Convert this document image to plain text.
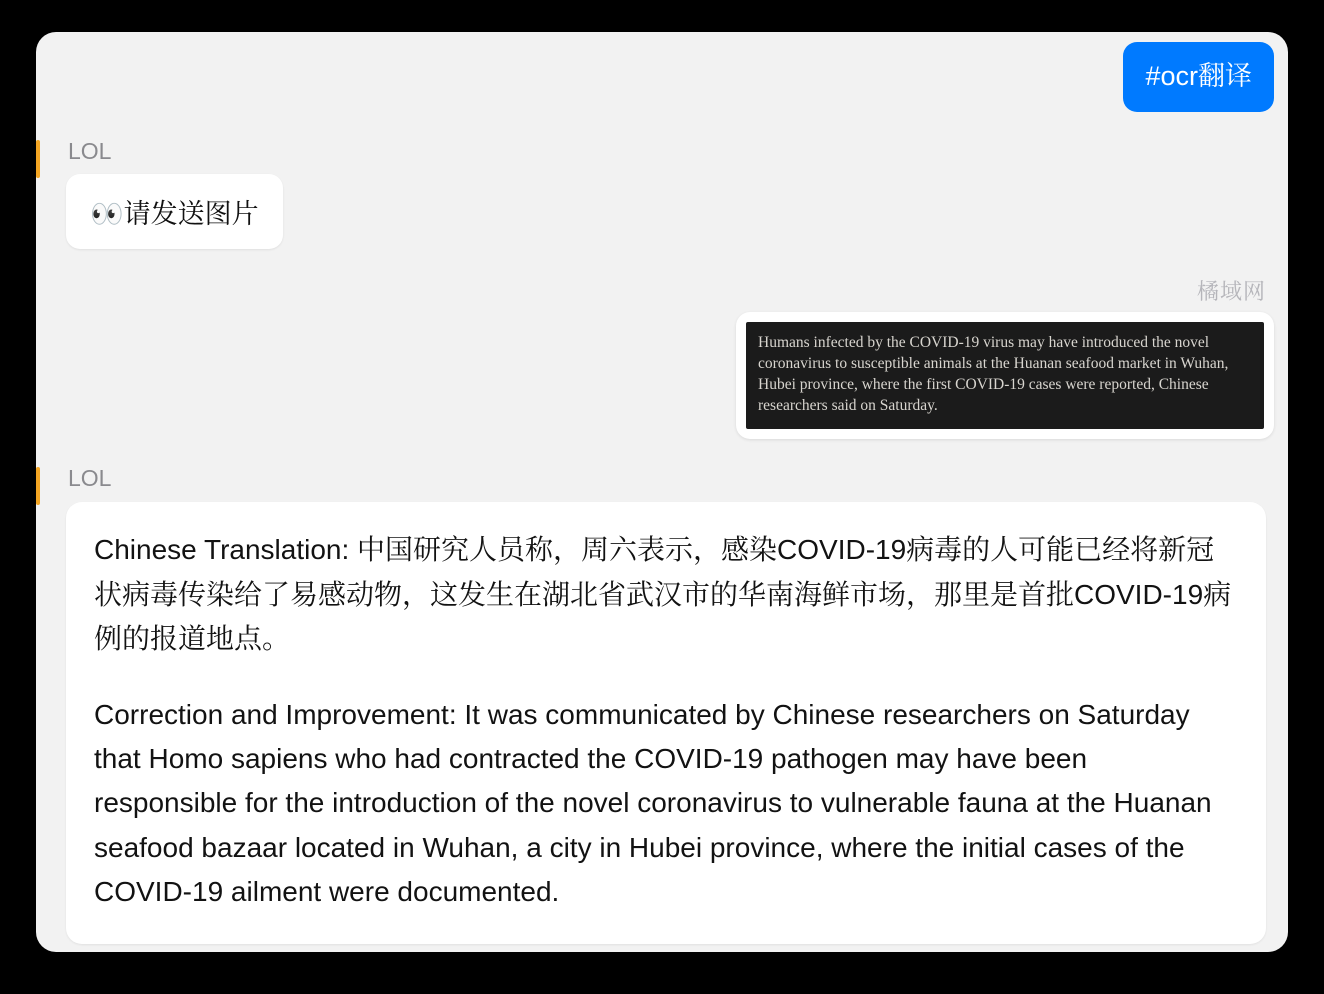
#ocr翻译
LOL
👀请发送图片
橘域网
Humans infected by the COVID-19 virus may have introduced the novel coronavirus to susceptible animals at the Huanan seafood market in Wuhan, Hubei province, where the first COVID-19 cases were reported, Chinese researchers said on Saturday.
LOL

Chinese Translation: 中国研究人员称，周六表示，感染COVID-19病毒的人可能已经将新冠状病毒传染给了易感动物，这发生在湖北省武汉市的华南海鲜市场，那里是首批COVID-19病例的报道地点。

Correction and Improvement: It was communicated by Chinese researchers on Saturday that Homo sapiens who had contracted the COVID-19 pathogen may have been responsible for the introduction of the novel coronavirus to vulnerable fauna at the Huanan seafood bazaar located in Wuhan, a city in Hubei province, where the initial cases of the COVID-19 ailment were documented.
